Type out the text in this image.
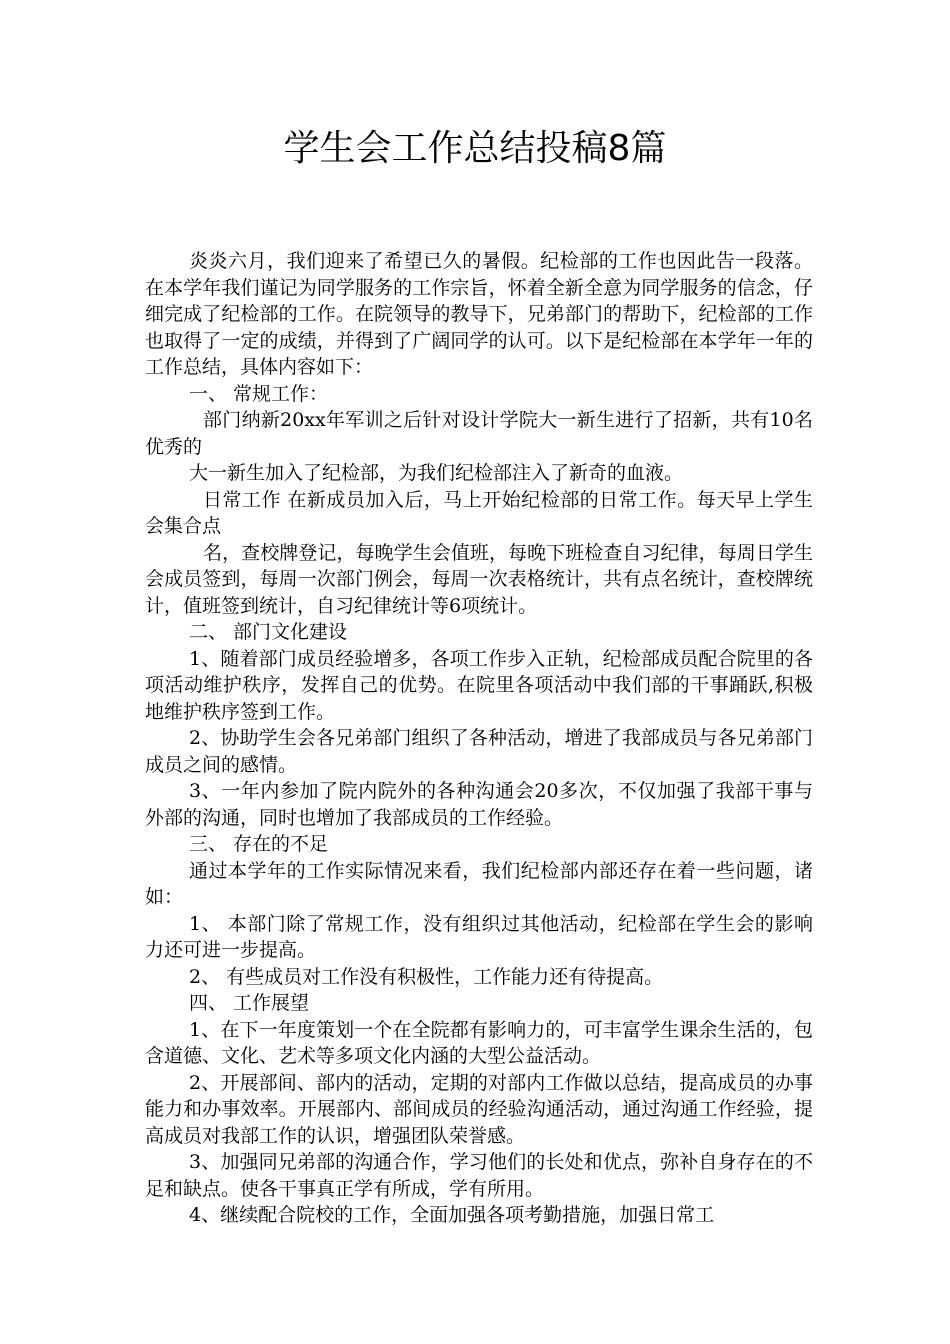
学生会工作总结投稿8篇

炎炎六月，我们迎来了希望已久的暑假。纪检部的工作也因此告一段落。在本学年我们谨记为同学服务的工作宗旨，怀着全新全意为同学服务的信念，仔细完成了纪检部的工作。在院领导的教导下，兄弟部门的帮助下，纪检部的工作也取得了一定的成绩，并得到了广阔同学的认可。以下是纪检部在本学年一年的工作总结，具体内容如下：

一、 常规工作：

部门纳新20xx年军训之后针对设计学院大一新生进行了招新，共有10名优秀的

大一新生加入了纪检部，为我们纪检部注入了新奇的血液。

日常工作 在新成员加入后，马上开始纪检部的日常工作。每天早上学生会集合点

名，查校牌登记，每晚学生会值班，每晚下班检查自习纪律，每周日学生会成员签到，每周一次部门例会，每周一次表格统计，共有点名统计，查校牌统计，值班签到统计，自习纪律统计等6项统计。

二、 部门文化建设

1、随着部门成员经验增多，各项工作步入正轨，纪检部成员配合院里的各项活动维护秩序，发挥自己的优势。在院里各项活动中我们部的干事踊跃,积极地维护秩序签到工作。

2、协助学生会各兄弟部门组织了各种活动，增进了我部成员与各兄弟部门成员之间的感情。

3、一年内参加了院内院外的各种沟通会20多次，不仅加强了我部干事与外部的沟通，同时也增加了我部成员的工作经验。

三、 存在的不足

通过本学年的工作实际情况来看，我们纪检部内部还存在着一些问题，诸如：

1、 本部门除了常规工作，没有组织过其他活动，纪检部在学生会的影响力还可进一步提高。

2、 有些成员对工作没有积极性，工作能力还有待提高。

四、 工作展望

1、在下一年度策划一个在全院都有影响力的，可丰富学生课余生活的，包含道德、文化、艺术等多项文化内涵的大型公益活动。

2、开展部间、部内的活动，定期的对部内工作做以总结，提高成员的办事能力和办事效率。开展部内、部间成员的经验沟通活动，通过沟通工作经验，提高成员对我部工作的认识，增强团队荣誉感。

3、加强同兄弟部的沟通合作，学习他们的长处和优点，弥补自身存在的不足和缺点。使各干事真正学有所成，学有所用。

4、继续配合院校的工作，全面加强各项考勤措施，加强日常工
